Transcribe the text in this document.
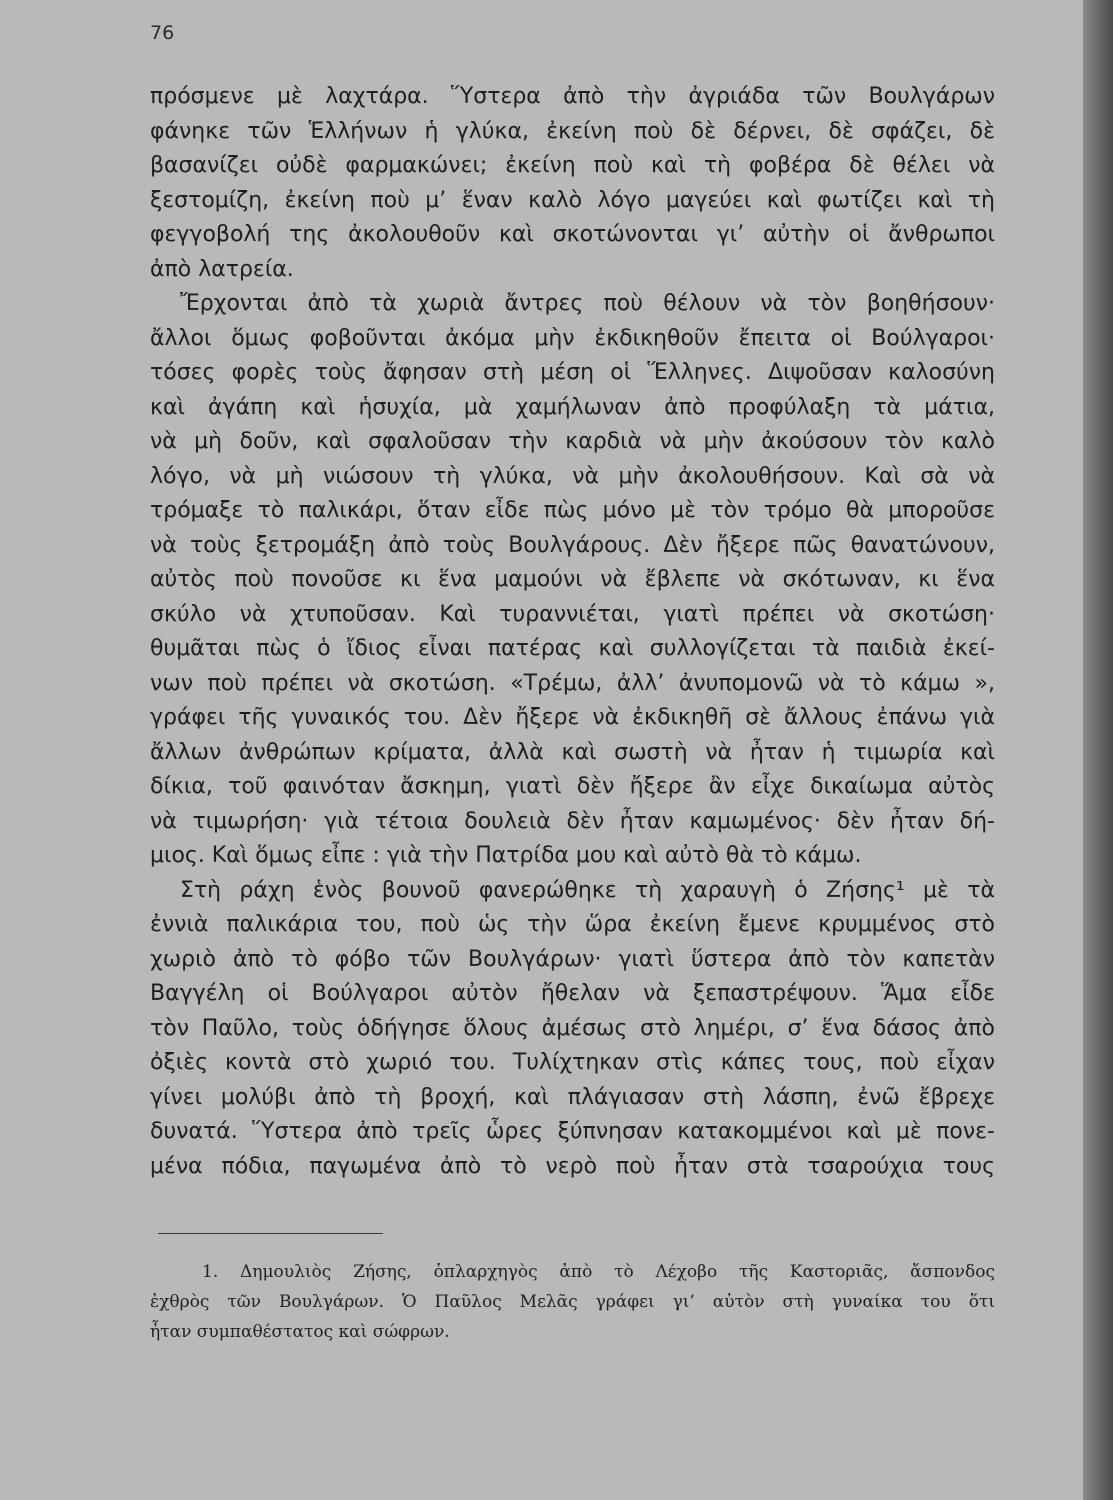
76
πρόσμενε μὲ λαχτάρα. Ὕστερα ἀπὸ τὴν ἀγριάδα τῶν Βουλγάρων
φάνηκε τῶν Ἑλλήνων ἡ γλύκα, ἐκείνη ποὺ δὲ δέρνει, δὲ σφάζει, δὲ
βασανίζει οὐδὲ φαρμακώνει; ἐκείνη ποὺ καὶ τὴ φοβέρα δὲ θέλει νὰ
ξεστομίζη, ἐκείνη ποὺ μ’ ἕναν καλὸ λόγο μαγεύει καὶ φωτίζει καὶ τὴ
φεγγοβολή της ἀκολουθοῦν καὶ σκοτώνονται γι’ αὐτὴν οἱ ἄνθρωποι
ἀπὸ λατρεία.
Ἔρχονται ἀπὸ τὰ χωριὰ ἄντρες ποὺ θέλουν νὰ τὸν βοηθήσουν·
ἄλλοι ὅμως φοβοῦνται ἀκόμα μὴν ἐκδικηθοῦν ἔπειτα οἱ Βούλγαροι·
τόσες φορὲς τοὺς ἄφησαν στὴ μέση οἱ Ἕλληνες. Διψοῦσαν καλοσύνη
καὶ ἀγάπη καὶ ἡσυχία, μὰ χαμήλωναν ἀπὸ προφύλαξη τὰ μάτια,
νὰ μὴ δοῦν, καὶ σφαλοῦσαν τὴν καρδιὰ νὰ μὴν ἀκούσουν τὸν καλὸ
λόγο, νὰ μὴ νιώσουν τὴ γλύκα, νὰ μὴν ἀκολουθήσουν. Καὶ σὰ νὰ
τρόμαξε τὸ παλικάρι, ὅταν εἶδε πὼς μόνο μὲ τὸν τρόμο θὰ μποροῦσε
νὰ τοὺς ξετρομάξη ἀπὸ τοὺς Βουλγάρους. Δὲν ἤξερε πῶς θανατώνουν,
αὐτὸς ποὺ πονοῦσε κι ἕνα μαμούνι νὰ ἔβλεπε νὰ σκότωναν, κι ἕνα
σκύλο νὰ χτυποῦσαν. Καὶ τυραννιέται, γιατὶ πρέπει νὰ σκοτώση·
θυμᾶται πὼς ὁ ἴδιος εἶναι πατέρας καὶ συλλογίζεται τὰ παιδιὰ ἐκεί-
νων ποὺ πρέπει νὰ σκοτώση. «Τρέμω, ἀλλ’ ἀνυπομονῶ νὰ τὸ κάμω »,
γράφει τῆς γυναικός του. Δὲν ἤξερε νὰ ἐκδικηθῆ σὲ ἄλλους ἐπάνω γιὰ
ἄλλων ἀνθρώπων κρίματα, ἀλλὰ καὶ σωστὴ νὰ ἦταν ἡ τιμωρία καὶ
δίκια, τοῦ φαινόταν ἄσκημη, γιατὶ δὲν ἤξερε ἂν εἶχε δικαίωμα αὐτὸς
νὰ τιμωρήση· γιὰ τέτοια δουλειὰ δὲν ἦταν καμωμένος· δὲν ἦταν δή-
μιος. Καὶ ὅμως εἶπε : γιὰ τὴν Πατρίδα μου καὶ αὐτὸ θὰ τὸ κάμω.
Στὴ ράχη ἑνὸς βουνοῦ φανερώθηκε τὴ χαραυγὴ ὁ Ζήσης¹ μὲ τὰ
ἐννιὰ παλικάρια του, ποὺ ὡς τὴν ὥρα ἐκείνη ἔμενε κρυμμένος στὸ
χωριὸ ἀπὸ τὸ φόβο τῶν Βουλγάρων· γιατὶ ὕστερα ἀπὸ τὸν καπετὰν
Βαγγέλη οἱ Βούλγαροι αὐτὸν ἤθελαν νὰ ξεπαστρέψουν. Ἅμα εἶδε
τὸν Παῦλο, τοὺς ὁδήγησε ὅλους ἀμέσως στὸ λημέρι, σ’ ἕνα δάσος ἀπὸ
ὀξιὲς κοντὰ στὸ χωριό του. Τυλίχτηκαν στὶς κάπες τους, ποὺ εἶχαν
γίνει μολύβι ἀπὸ τὴ βροχή, καὶ πλάγιασαν στὴ λάσπη, ἐνῶ ἔβρεχε
δυνατά. Ὕστερα ἀπὸ τρεῖς ὧρες ξύπνησαν κατακομμένοι καὶ μὲ πονε-
μένα πόδια, παγωμένα ἀπὸ τὸ νερὸ ποὺ ἦταν στὰ τσαρούχια τους
1. Δημουλιὸς Ζήσης, ὁπλαρχηγὸς ἀπὸ τὸ Λέχοβο τῆς Καστοριᾶς, ἄσπονδος
ἐχθρὸς τῶν Βουλγάρων. Ὁ Παῦλος Μελᾶς γράφει γι’ αὐτὸν στὴ γυναίκα του ὅτι
ἦταν συμπαθέστατος καὶ σώφρων.
